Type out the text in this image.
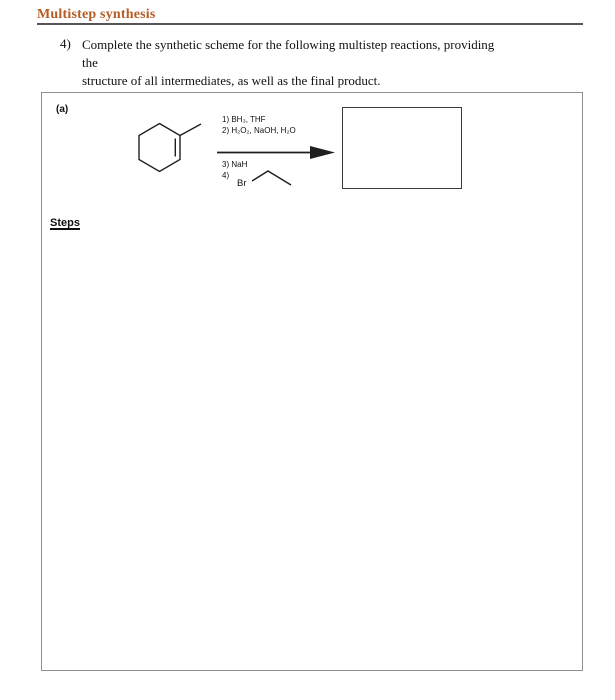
Multistep synthesis
4) Complete the synthetic scheme for the following multistep reactions, providing the
structure of all intermediates, as well as the final product.
(a)
1) BH₃, THF
2) H₂O₂, NaOH, H₂O
3) NaH
4)
Br
Steps
